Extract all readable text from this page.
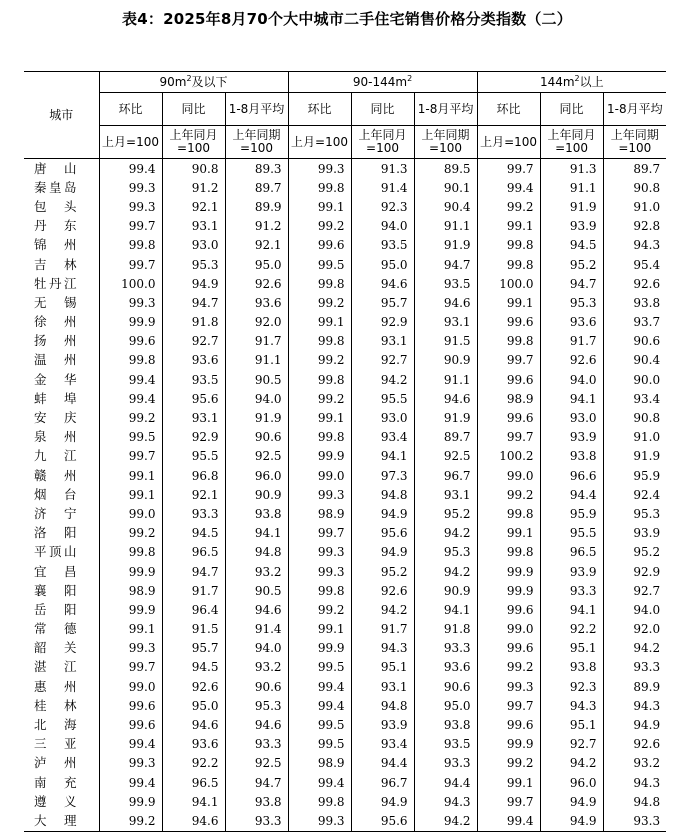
表4：2025年8月70个大中城市二手住宅销售价格分类指数（二）
城市	$90m^2$及以下			$90-144m^2$			$144m^2$以上		
	环比	同比	1-8月平均	环比	同比	1-8月平均	环比	同比	1-8月平均
	上月=100	上年同月=100	上年同期=100	上月=100	上年同月=100	上年同期=100	上月=100	上年同月=100	上年同期=100
唐山	99.4	90.8	89.3	99.3	91.3	89.5	99.7	91.3	89.7
秦皇岛	99.3	91.2	89.7	99.8	91.4	90.1	99.4	91.1	90.8
包头	99.3	92.1	89.9	99.1	92.3	90.4	99.2	91.9	91.0
丹东	99.7	93.1	91.2	99.2	94.0	91.1	99.1	93.9	92.8
锦州	99.8	93.0	92.1	99.6	93.5	91.9	99.8	94.5	94.3
吉林	99.7	95.3	95.0	99.5	95.0	94.7	99.8	95.2	95.4
牡丹江	100.0	94.9	92.6	99.8	94.6	93.5	100.0	94.7	92.6
无锡	99.3	94.7	93.6	99.2	95.7	94.6	99.1	95.3	93.8
徐州	99.9	91.8	92.0	99.1	92.9	93.1	99.6	93.6	93.7
扬州	99.6	92.7	91.7	99.8	93.1	91.5	99.8	91.7	90.6
温州	99.8	93.6	91.1	99.2	92.7	90.9	99.7	92.6	90.4
金华	99.4	93.5	90.5	99.8	94.2	91.1	99.6	94.0	90.0
蚌埠	99.4	95.6	94.0	99.2	95.5	94.6	98.9	94.1	93.4
安庆	99.2	93.1	91.9	99.1	93.0	91.9	99.6	93.0	90.8
泉州	99.5	92.9	90.6	99.8	93.4	89.7	99.7	93.9	91.0
九江	99.7	95.5	92.5	99.9	94.1	92.5	100.2	93.8	91.9
赣州	99.1	96.8	96.0	99.0	97.3	96.7	99.0	96.6	95.9
烟台	99.1	92.1	90.9	99.3	94.8	93.1	99.2	94.4	92.4
济宁	99.0	93.3	93.8	98.9	94.9	95.2	99.8	95.9	95.3
洛阳	99.2	94.5	94.1	99.7	95.6	94.2	99.1	95.5	93.9
平顶山	99.8	96.5	94.8	99.3	94.9	95.3	99.8	96.5	95.2
宜昌	99.9	94.7	93.2	99.3	95.2	94.2	99.9	93.9	92.9
襄阳	98.9	91.7	90.5	99.8	92.6	90.9	99.9	93.3	92.7
岳阳	99.9	96.4	94.6	99.2	94.2	94.1	99.6	94.1	94.0
常德	99.1	91.5	91.4	99.1	91.7	91.8	99.0	92.2	92.0
韶关	99.3	95.7	94.0	99.9	94.3	93.3	99.6	95.1	94.2
湛江	99.7	94.5	93.2	99.5	95.1	93.6	99.2	93.8	93.3
惠州	99.0	92.6	90.6	99.4	93.1	90.6	99.3	92.3	89.9
桂林	99.6	95.0	95.3	99.4	94.8	95.0	99.7	94.3	94.3
北海	99.6	94.6	94.6	99.5	93.9	93.8	99.6	95.1	94.9
三亚	99.4	93.6	93.3	99.5	93.4	93.5	99.9	92.7	92.6
泸州	99.3	92.2	92.5	98.9	94.4	93.3	99.2	94.2	93.2
南充	99.4	96.5	94.7	99.4	96.7	94.4	99.1	96.0	94.3
遵义	99.9	94.1	93.8	99.8	94.9	94.3	99.7	94.9	94.8
大理	99.2	94.6	93.3	99.3	95.6	94.2	99.4	94.9	93.3
